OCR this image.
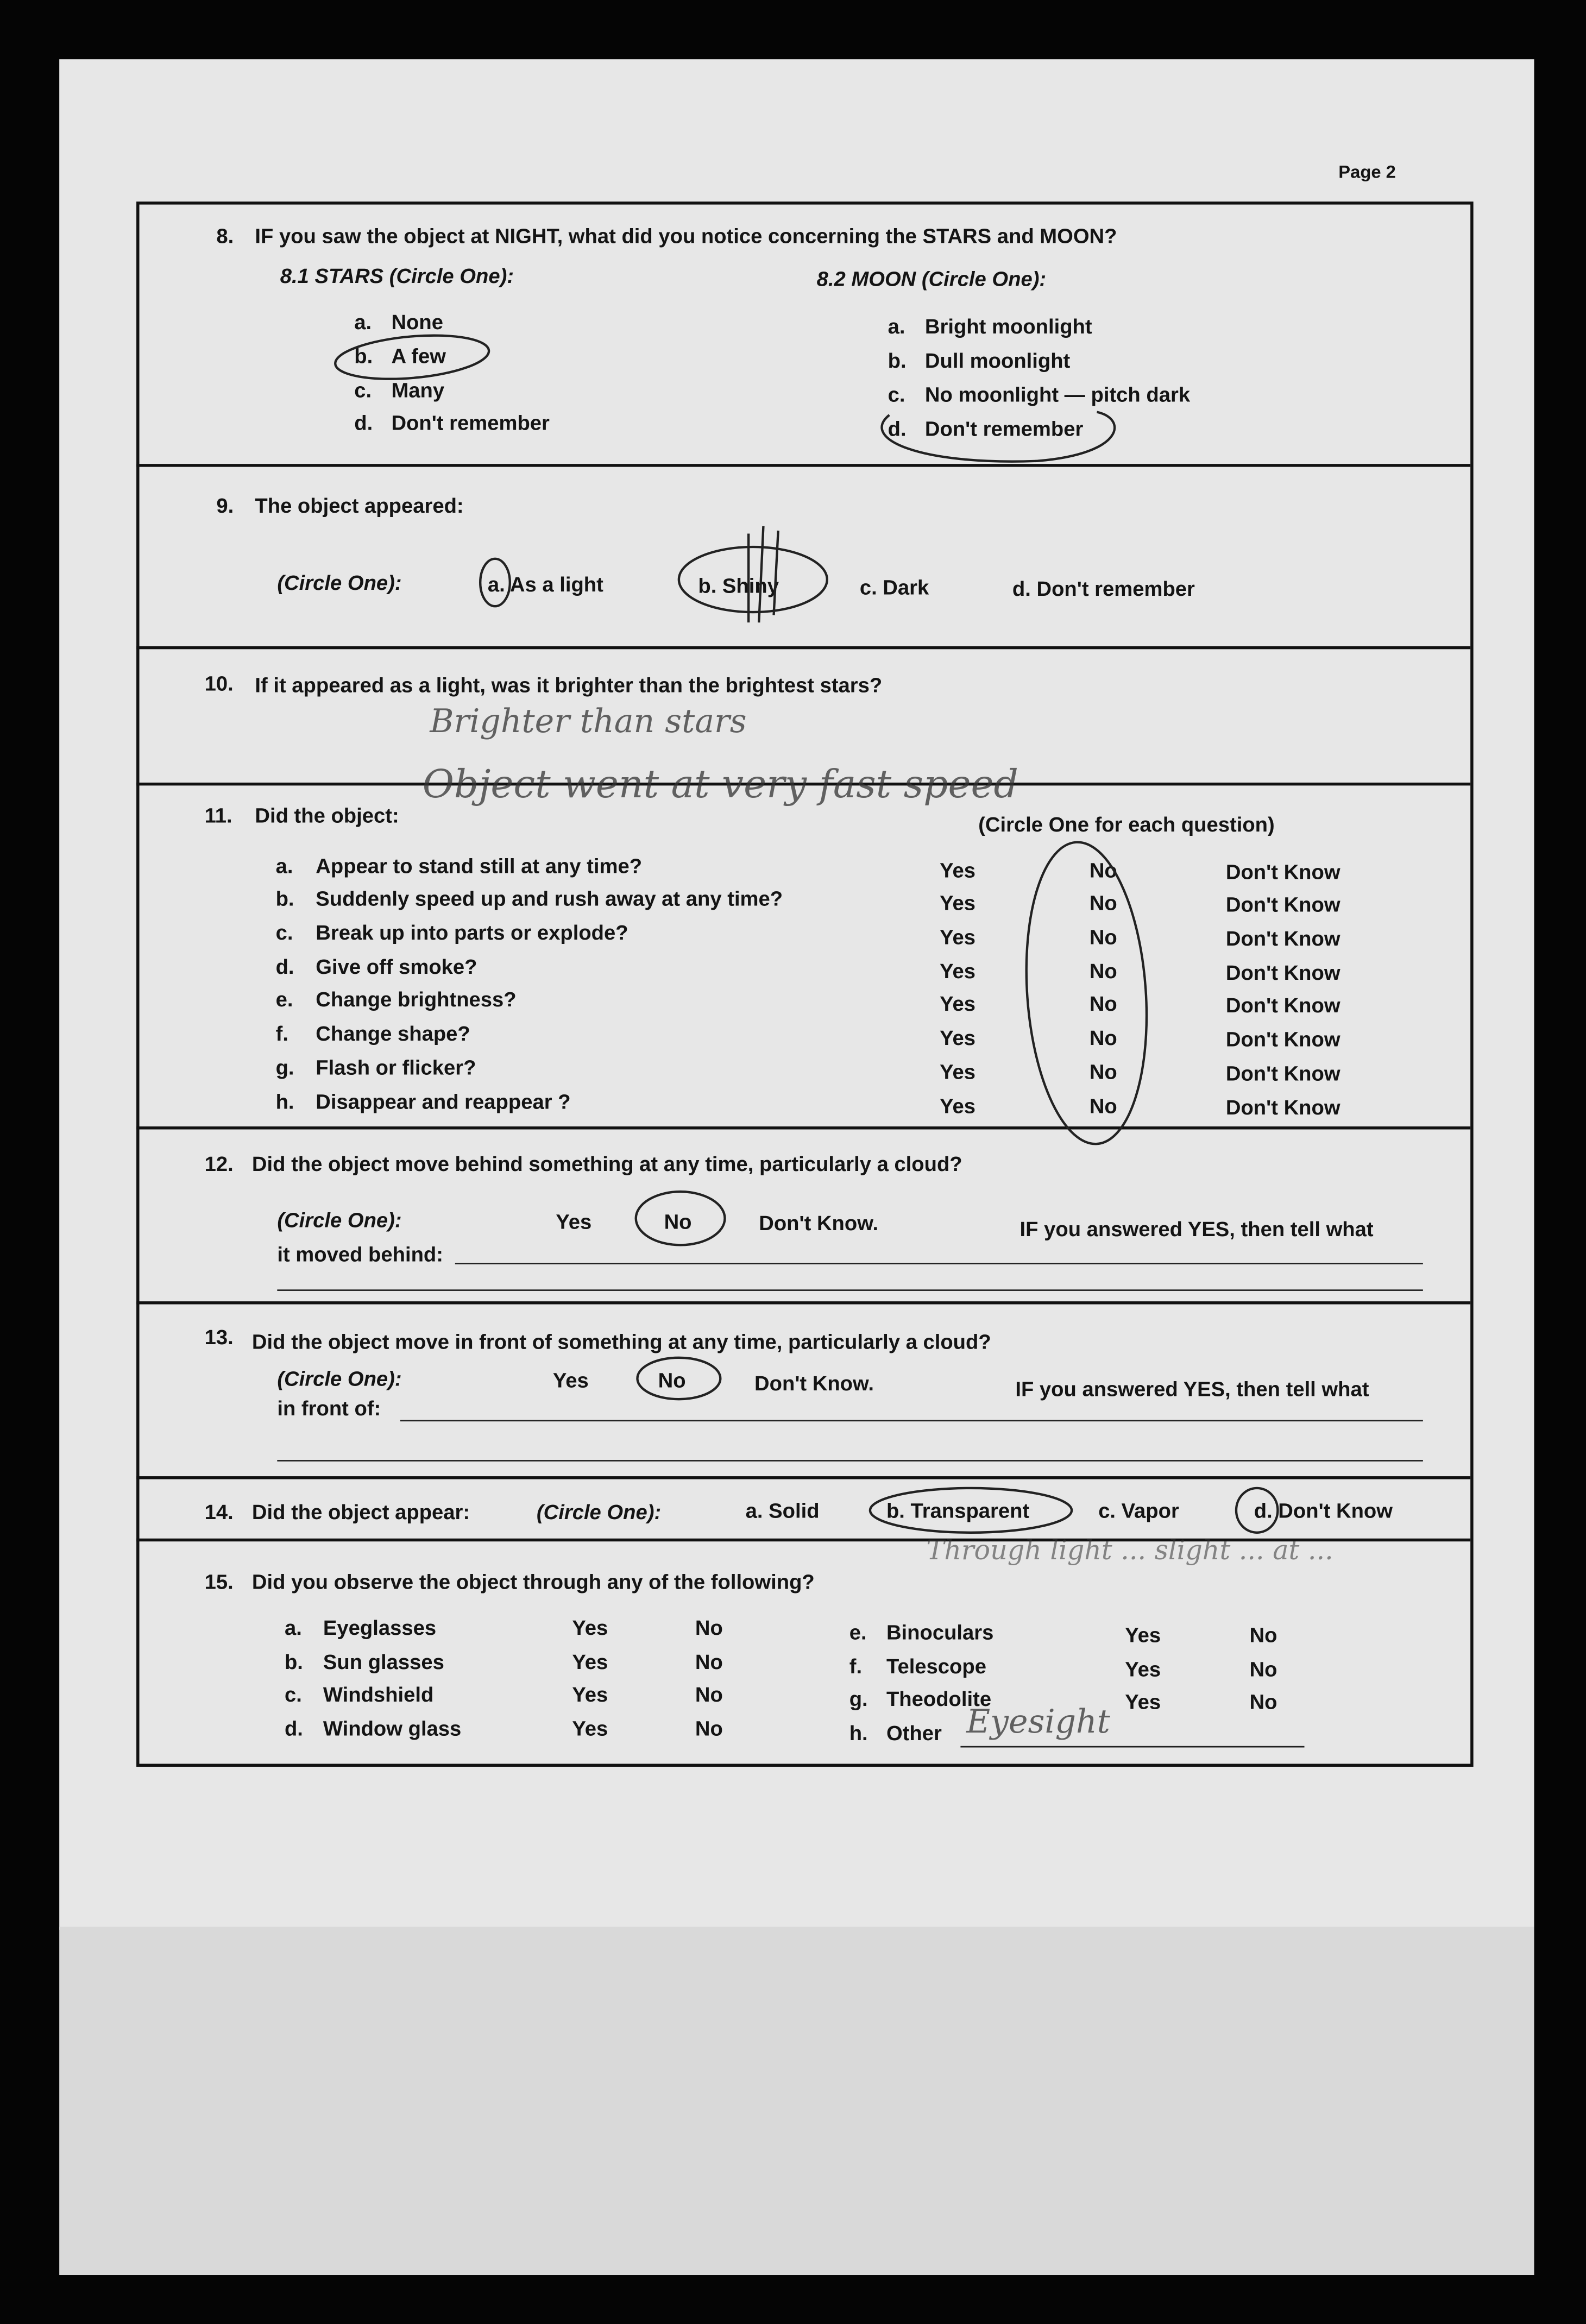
Page 2
8.	IF you saw the object at NIGHT, what did you notice concerning the STARS and MOON?
8.1 STARS (Circle One):	8.2 MOON (Circle One):
a.	None
b. A few
c.	Many
d. Don't remember
a.	Bright moonlight
b. Dull moonlight
c.	No moonlight — pitch dark
d. Don't remember
9.	The object appeared:
(Circle One):	a. As a light	b. Shiny	c. Dark	d. Don't remember
10.	If it appeared as a light, was it brighter than the brightest stars?
Brighter than stars
11.	Did the object:
Object went at very fast speed
(Circle One for each question)
a.	Appear to stand still at any time?	Yes	No	Don't Know
b.	Suddenly speed up and rush away at any time?	Yes	No	Don't Know
c.	Break up into parts or explode?	Yes	No	Don't Know
d.	Give off smoke?	Yes	No	Don't Know
e.	Change brightness?	Yes	No	Don't Know
f.	Change shape?	Yes	No	Don't Know
g.	Flash or flicker?	Yes	No	Don't Know
h.	Disappear and reappear ?	Yes	No	Don't Know
12. Did the object move behind something at any time, particularly a cloud?
(Circle One):	Yes	No	Don't Know.	IF you answered YES, then tell what
it moved behind:
13. Did the object move in front of something at any time, particularly a cloud?
(Circle One):	Yes	No	Don't Know.	IF you answered YES, then tell what
in front of:
14. Did the object appear:	(Circle One):	a. Solid	b. Transparent	c. Vapor	d. Don't Know
Through light ... slight ... at ...
15. Did you observe the object through any of the following?
a.	Eyeglasses	Yes	No	e.	Binoculars	Yes	No
b.	Sun glasses	Yes	No	f.	Telescope	Yes	No
c.	Windshield	Yes	No	g. Theodolite	Yes	No
d.	Window glass	Yes	No	h. Other Eyesight
